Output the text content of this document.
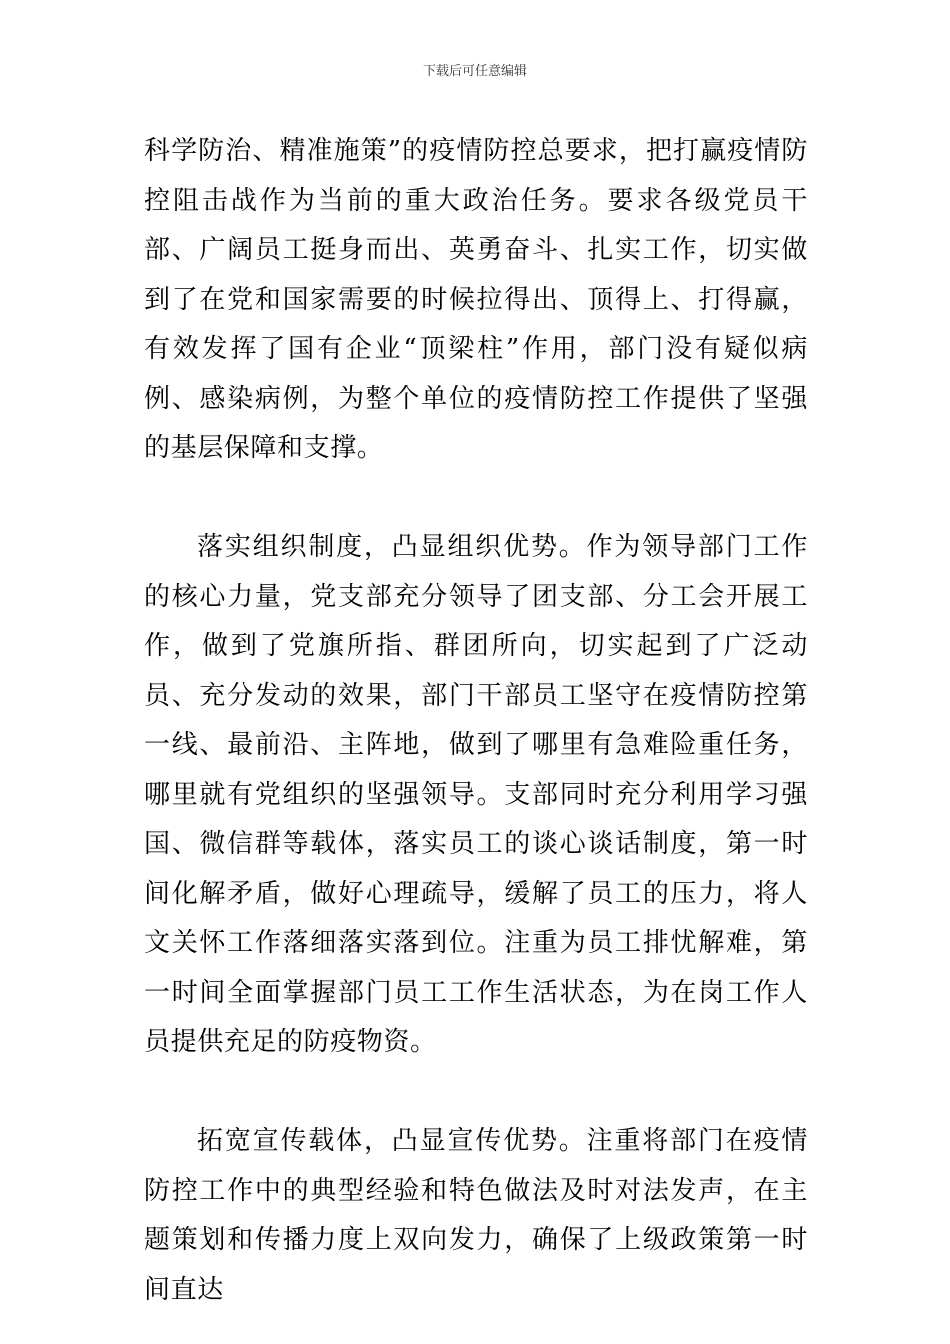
下载后可任意编辑

科学防治、精准施策”的疫情防控总要求，把打赢疫情防控阻击战作为当前的重大政治任务。要求各级党员干部、广阔员工挺身而出、英勇奋斗、扎实工作，切实做到了在党和国家需要的时候拉得出、顶得上、打得赢，有效发挥了国有企业“顶梁柱”作用，部门没有疑似病例、感染病例，为整个单位的疫情防控工作提供了坚强的基层保障和支撑。

落实组织制度，凸显组织优势。作为领导部门工作的核心力量，党支部充分领导了团支部、分工会开展工作，做到了党旗所指、群团所向，切实起到了广泛动员、充分发动的效果，部门干部员工坚守在疫情防控第一线、最前沿、主阵地，做到了哪里有急难险重任务，哪里就有党组织的坚强领导。支部同时充分利用学习强国、微信群等载体，落实员工的谈心谈话制度，第一时间化解矛盾，做好心理疏导，缓解了员工的压力，将人文关怀工作落细落实落到位。注重为员工排忧解难，第一时间全面掌握部门员工工作生活状态，为在岗工作人员提供充足的防疫物资。

拓宽宣传载体，凸显宣传优势。注重将部门在疫情防控工作中的典型经验和特色做法及时对法发声，在主题策划和传播力度上双向发力，确保了上级政策第一时间直达
